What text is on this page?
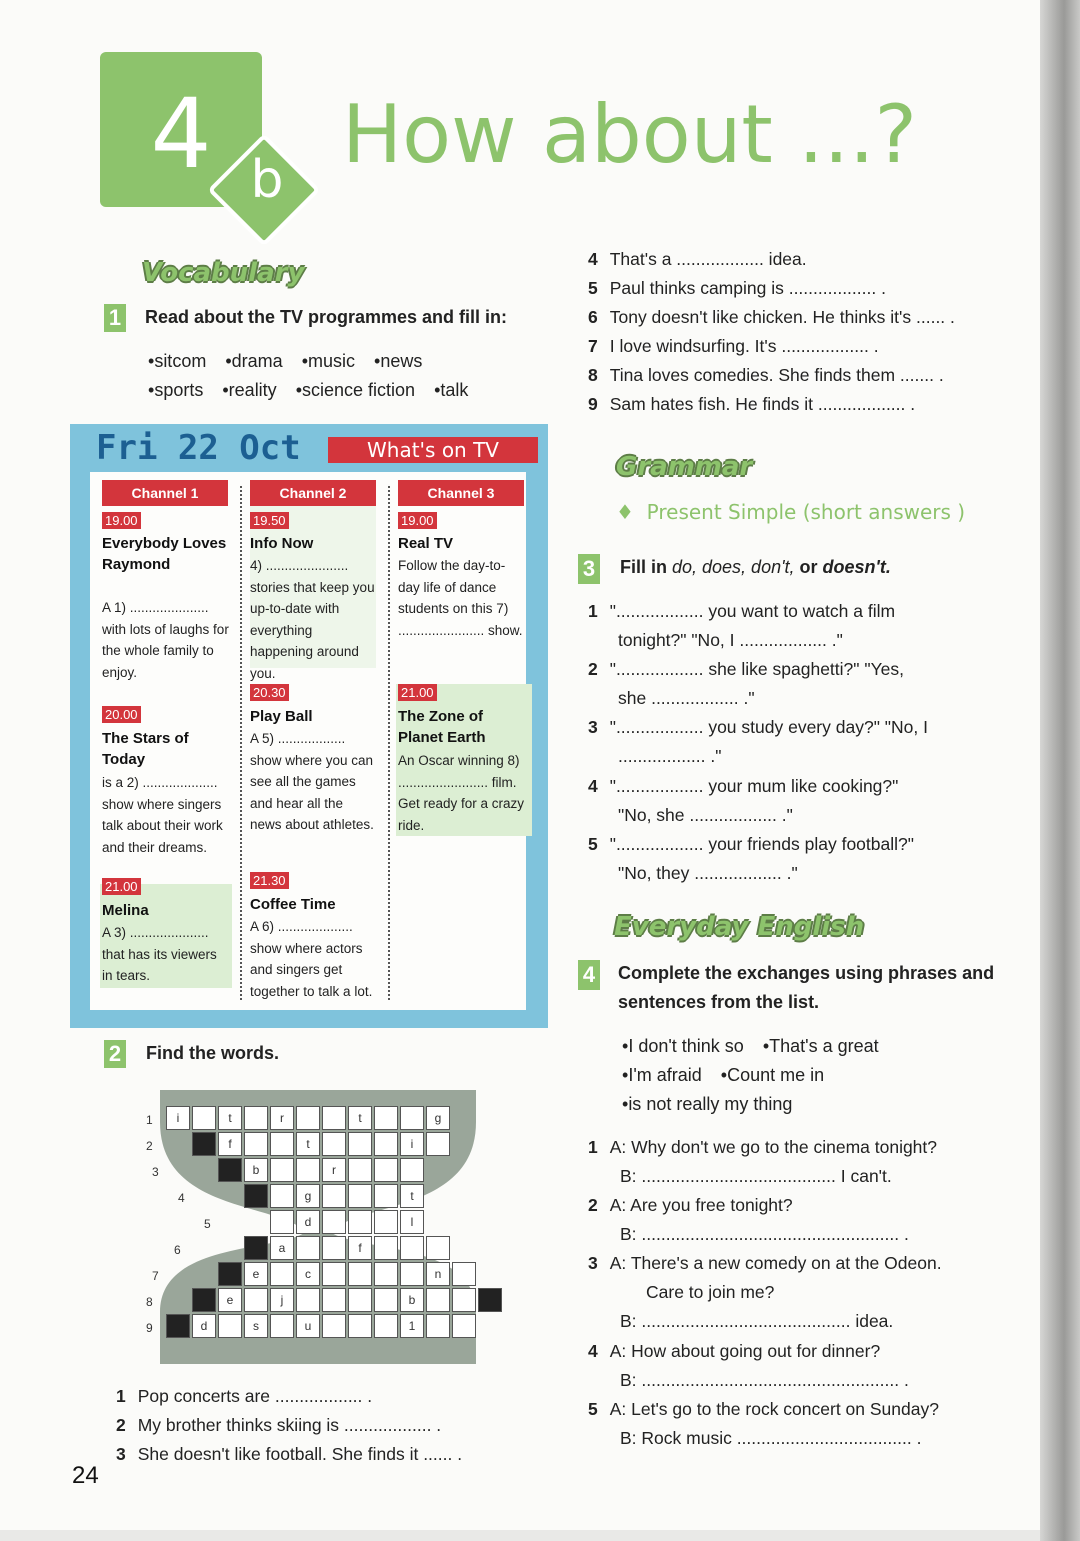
4 b How about ...?
Vocabulary
1 Read about the TV programmes and fill in:
• sitcom • drama • music • news
• sports • reality • science fiction • talk
Fri 22 Oct	What's on TV
Channel 1
19.00
Everybody Loves Raymond
A 1) ..................... with lots of laughs for the whole family to enjoy.
20.00
The Stars of Today
is a 2) .................... show where singers talk about their work and their dreams.
21.00
Melina
A 3) ..................... that has its viewers in tears.
Channel 2
19.50
Info Now
4) ...................... stories that keep you up-to-date with everything happening around you.
20.30
Play Ball
A 5) .................. show where you can see all the games and hear all the news about athletes.
21.30
Coffee Time
A 6) .................... show where actors and singers get together to talk a lot.
Channel 3
19.00
Real TV
Follow the day-to-day life of dance students on this 7) ....................... show.
21.00
The Zone of Planet Earth
An Oscar winning 8) ........................ film. Get ready for a crazy ride.
2 Find the words.
1	i	t	r	t	g
2	f	t	i
3	b	r
4	g	t
5	d	l
6	a	f
7	e	c	n
8	e	j	b
9	d	s	u	1
1 Pop concerts are .................. .
2 My brother thinks skiing is .................. .
3 She doesn't like football. She finds it ...... .
24
4 That's a .................. idea.
5 Paul thinks camping is .................. .
6 Tony doesn't like chicken. He thinks it's ...... .
7 I love windsurfing. It's .................. .
8 Tina loves comedies. She finds them ....... .
9 Sam hates fish. He finds it .................. .
Grammar
♦  Present Simple (short answers )
3 Fill in do, does, don't, or doesn't.
1 ".................. you want to watch a film
tonight?" "No, I .................. ."
2 ".................. she like spaghetti?" "Yes,
she .................. ."
3 ".................. you study every day?" "No, I
.................. ."
4 ".................. your mum like cooking?"
"No, she .................. ."
5 ".................. your friends play football?"
"No, they .................. ."
Everyday English
4 Complete the exchanges using phrases and
sentences from the list.
• I don't think so • That's a great
• I'm afraid • Count me in
• is not really my thing
1 A: Why don't we go to the cinema tonight?
B: ........................................ I can't.
2 A: Are you free tonight?
B: ..................................................... .
3 A: There's a new comedy on at the Odeon.
Care to join me?
B: ........................................... idea.
4 A: How about going out for dinner?
B: ..................................................... .
5 A: Let's go to the rock concert on Sunday?
B: Rock music .................................... .
